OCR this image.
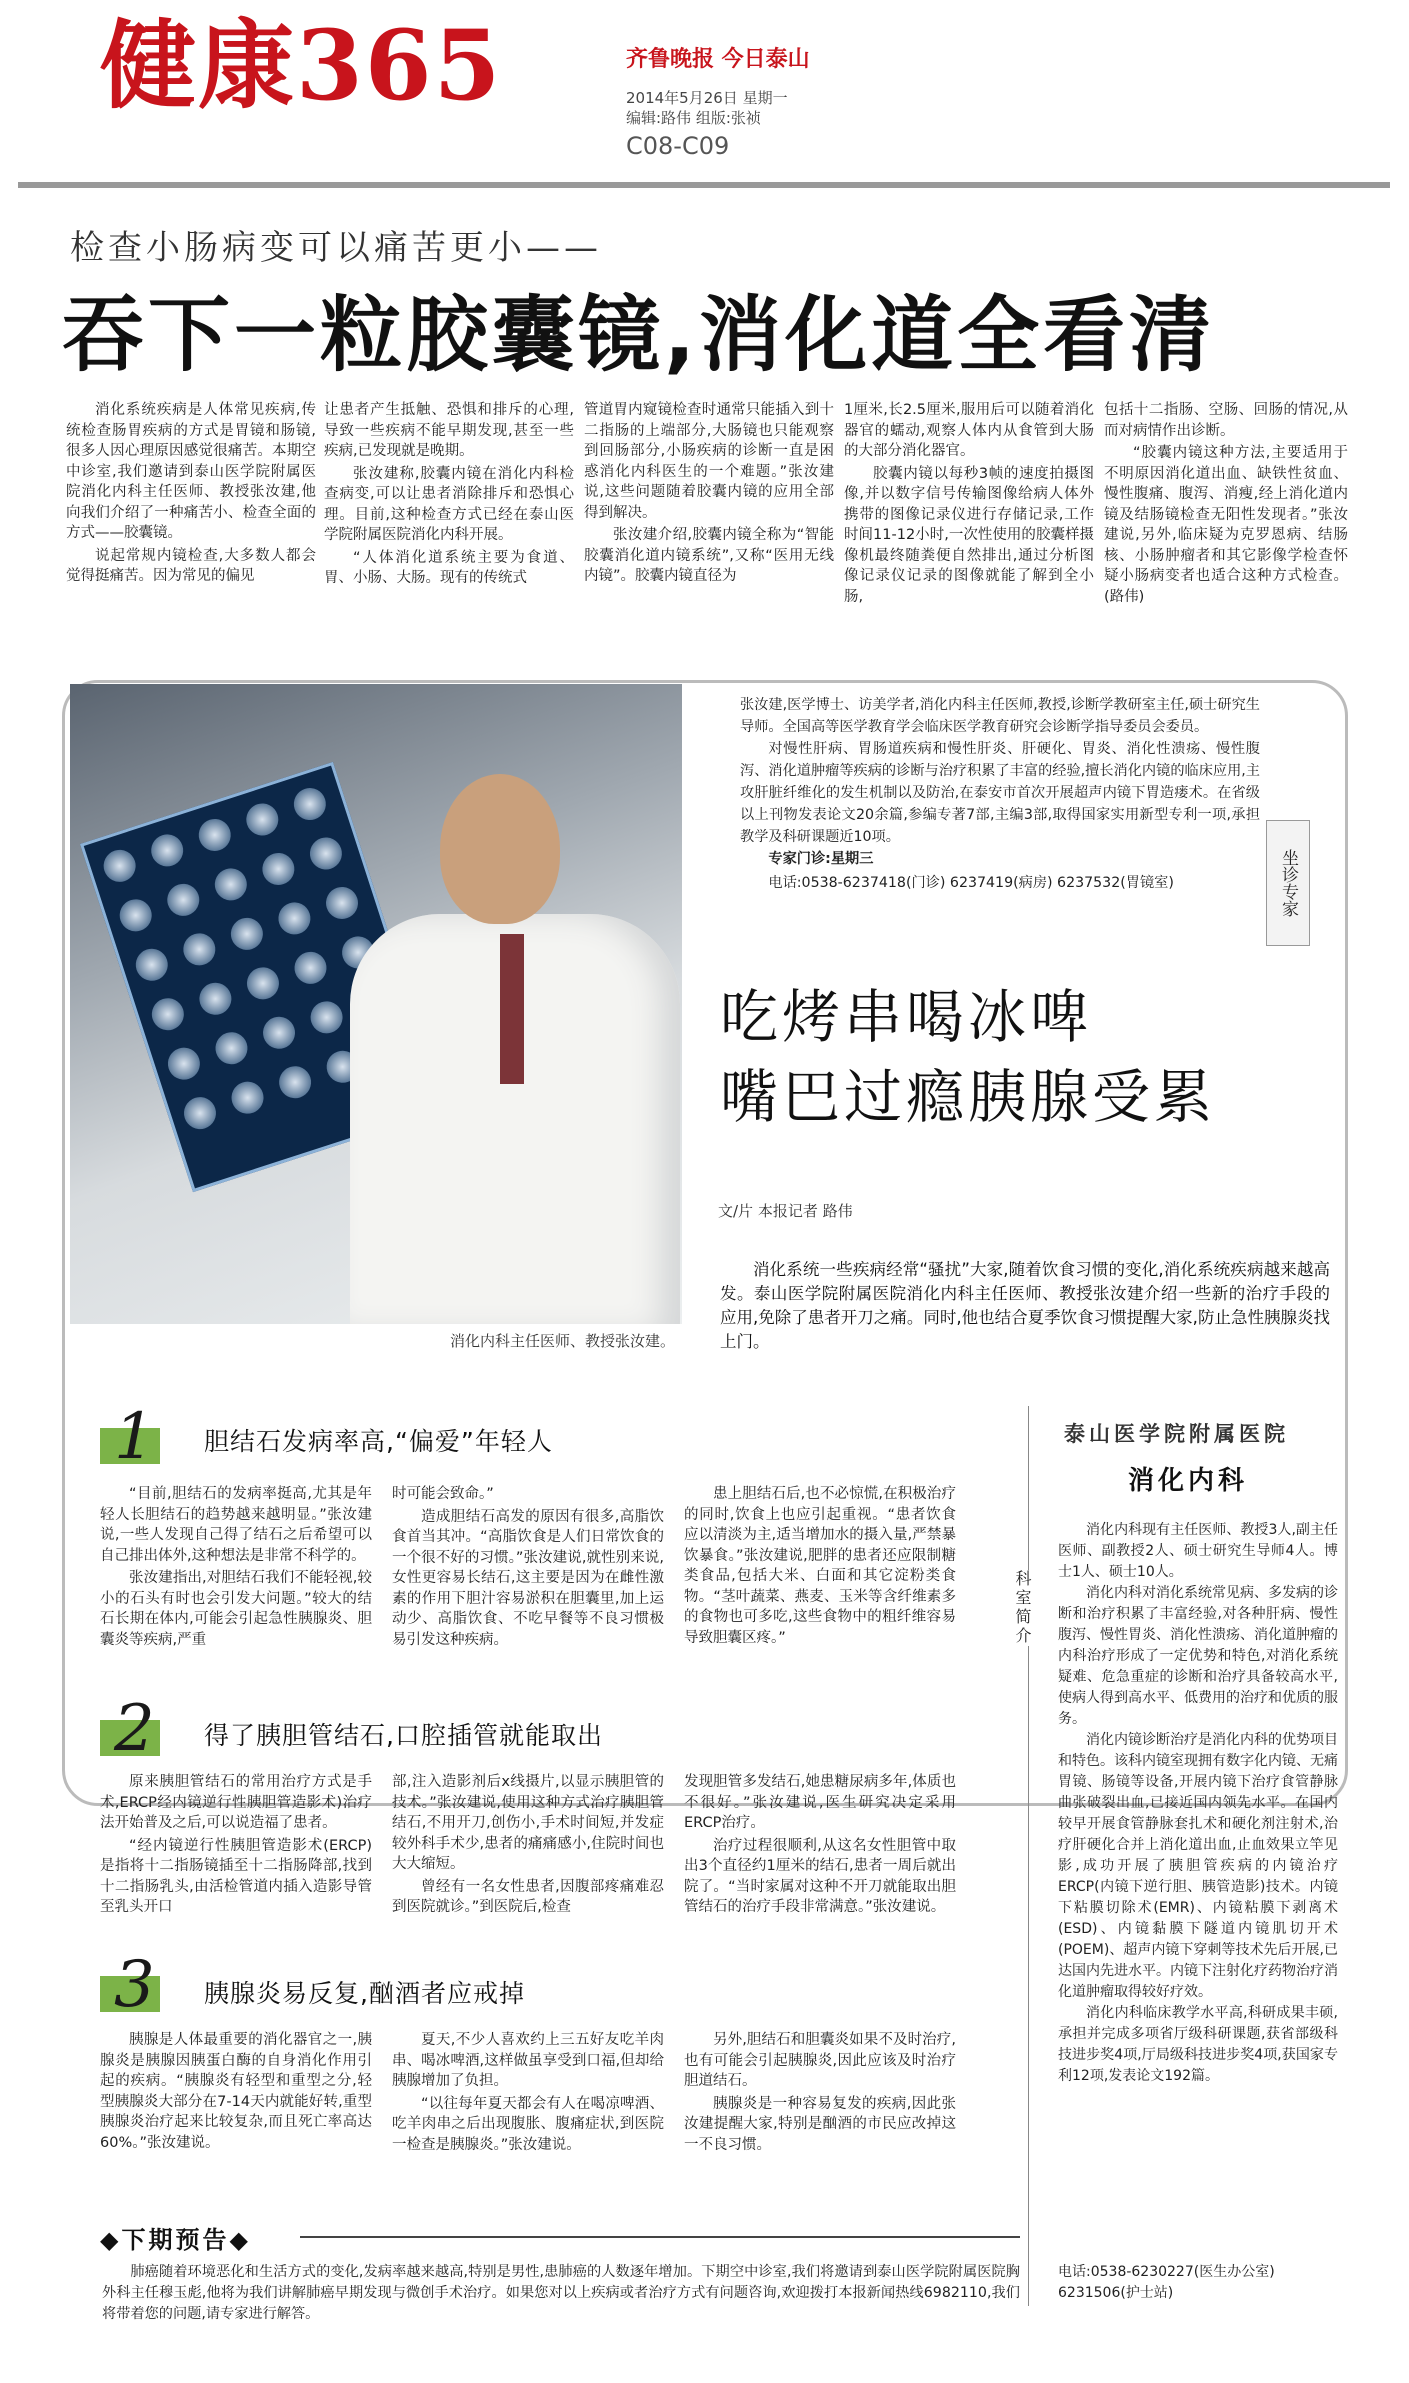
健康365	齐鲁晚报 今日泰山
2014年5月26日 星期一
编辑:路伟 组版:张祯
C08-C09
检查小肠病变可以痛苦更小——
吞下一粒胶囊镜,消化道全看清

消化系统疾病是人体常见疾病,传统检查肠胃疾病的方式是胃镜和肠镜,很多人因心理原因感觉很痛苦。本期空中诊室,我们邀请到泰山医学院附属医院消化内科主任医师、教授张汝建,他向我们介绍了一种痛苦小、检查全面的方式——胶囊镜。

说起常规内镜检查,大多数人都会觉得挺痛苦。因为常见的偏见

让患者产生抵触、恐惧和排斥的心理,导致一些疾病不能早期发现,甚至一些疾病,已发现就是晚期。

张汝建称,胶囊内镜在消化内科检查病变,可以让患者消除排斥和恐惧心理。目前,这种检查方式已经在泰山医学院附属医院消化内科开展。

“人体消化道系统主要为食道、胃、小肠、大肠。现有的传统式

管道胃内窥镜检查时通常只能插入到十二指肠的上端部分,大肠镜也只能观察到回肠部分,小肠疾病的诊断一直是困惑消化内科医生的一个难题。”张汝建说,这些问题随着胶囊内镜的应用全部得到解决。

张汝建介绍,胶囊内镜全称为“智能胶囊消化道内镜系统”,又称“医用无线内镜”。胶囊内镜直径为

1厘米,长2.5厘米,服用后可以随着消化器官的蠕动,观察人体内从食管到大肠的大部分消化器官。

胶囊内镜以每秒3帧的速度拍摄图像,并以数字信号传输图像给病人体外携带的图像记录仪进行存储记录,工作时间11-12小时,一次性使用的胶囊样摄像机最终随粪便自然排出,通过分析图像记录仪记录的图像就能了解到全小肠,

包括十二指肠、空肠、回肠的情况,从而对病情作出诊断。

“胶囊内镜这种方法,主要适用于不明原因消化道出血、缺铁性贫血、慢性腹痛、腹泻、消瘦,经上消化道内镜及结肠镜检查无阳性发现者。”张汝建说,另外,临床疑为克罗恩病、结肠核、小肠肿瘤者和其它影像学检查怀疑小肠病变者也适合这种方式检查。(路伟)

消化内科主任医师、教授张汝建。

张汝建,医学博士、访美学者,消化内科主任医师,教授,诊断学教研室主任,硕士研究生导师。全国高等医学教育学会临床医学教育研究会诊断学指导委员会委员。

对慢性肝病、胃肠道疾病和慢性肝炎、肝硬化、胃炎、消化性溃疡、慢性腹泻、消化道肿瘤等疾病的诊断与治疗积累了丰富的经验,擅长消化内镜的临床应用,主攻肝脏纤维化的发生机制以及防治,在泰安市首次开展超声内镜下胃造瘘术。在省级以上刊物发表论文20余篇,参编专著7部,主编3部,取得国家实用新型专利一项,承担教学及科研课题近10项。

专家门诊:星期三

电话:0538-6237418(门诊) 6237419(病房) 6237532(胃镜室)	坐诊专家
吃烤串喝冰啤
嘴巴过瘾胰腺受累
文/片 本报记者 路伟
消化系统一些疾病经常“骚扰”大家,随着饮食习惯的变化,消化系统疾病越来越高发。泰山医学院附属医院消化内科主任医师、教授张汝建介绍一些新的治疗手段的应用,免除了患者开刀之痛。同时,他也结合夏季饮食习惯提醒大家,防止急性胰腺炎找上门。
1 胆结石发病率高,“偏爱”年轻人

“目前,胆结石的发病率挺高,尤其是年轻人长胆结石的趋势越来越明显。”张汝建说,一些人发现自己得了结石之后希望可以自己排出体外,这种想法是非常不科学的。

张汝建指出,对胆结石我们不能轻视,较小的石头有时也会引发大问题。”较大的结石长期在体内,可能会引起急性胰腺炎、胆囊炎等疾病,严重

时可能会致命。”

造成胆结石高发的原因有很多,高脂饮食首当其冲。“高脂饮食是人们日常饮食的一个很不好的习惯。”张汝建说,就性别来说,女性更容易长结石,这主要是因为在雌性激素的作用下胆汁容易淤积在胆囊里,加上运动少、高脂饮食、不吃早餐等不良习惯极易引发这种疾病。

患上胆结石后,也不必惊慌,在积极治疗的同时,饮食上也应引起重视。“患者饮食应以清淡为主,适当增加水的摄入量,严禁暴饮暴食。”张汝建说,肥胖的患者还应限制糖类食品,包括大米、白面和其它淀粉类食物。“茎叶蔬菜、燕麦、玉米等含纤维素多的食物也可多吃,这些食物中的粗纤维容易导致胆囊区疼。”

2 得了胰胆管结石,口腔插管就能取出

原来胰胆管结石的常用治疗方式是手术,ERCP经内镜逆行性胰胆管造影术)治疗法开始普及之后,可以说造福了患者。

“经内镜逆行性胰胆管造影术(ERCP)是指将十二指肠镜插至十二指肠降部,找到十二指肠乳头,由活检管道内插入造影导管至乳头开口

部,注入造影剂后x线摄片,以显示胰胆管的技术。”张汝建说,使用这种方式治疗胰胆管结石,不用开刀,创伤小,手术时间短,并发症较外科手术少,患者的痛痛感小,住院时间也大大缩短。

曾经有一名女性患者,因腹部疼痛难忍到医院就诊。”到医院后,检查

发现胆管多发结石,她患糖尿病多年,体质也不很好。”张汝建说,医生研究决定采用ERCP治疗。

治疗过程很顺利,从这名女性胆管中取出3个直径约1厘米的结石,患者一周后就出院了。“当时家属对这种不开刀就能取出胆管结石的治疗手段非常满意。”张汝建说。

3 胰腺炎易反复,酗酒者应戒掉

胰腺是人体最重要的消化器官之一,胰腺炎是胰腺因胰蛋白酶的自身消化作用引起的疾病。“胰腺炎有轻型和重型之分,轻型胰腺炎大部分在7-14天内就能好转,重型胰腺炎治疗起来比较复杂,而且死亡率高达60%。”张汝建说。

夏天,不少人喜欢约上三五好友吃羊肉串、喝冰啤酒,这样做虽享受到口福,但却给胰腺增加了负担。

“以往每年夏天都会有人在喝凉啤酒、吃羊肉串之后出现腹胀、腹痛症状,到医院一检查是胰腺炎。”张汝建说。

另外,胆结石和胆囊炎如果不及时治疗,也有可能会引起胰腺炎,因此应该及时治疗胆道结石。

胰腺炎是一种容易复发的疾病,因此张汝建提醒大家,特别是酗酒的市民应改掉这一不良习惯。

科室简介
泰山医学院附属医院
消化内科

消化内科现有主任医师、教授3人,副主任医师、副教授2人、硕士研究生导师4人。博士1人、硕士10人。

消化内科对消化系统常见病、多发病的诊断和治疗积累了丰富经验,对各种肝病、慢性腹泻、慢性胃炎、消化性溃疡、消化道肿瘤的内科治疗形成了一定优势和特色,对消化系统疑难、危急重症的诊断和治疗具备较高水平,使病人得到高水平、低费用的治疗和优质的服务。

消化内镜诊断治疗是消化内科的优势项目和特色。该科内镜室现拥有数字化内镜、无痛胃镜、肠镜等设备,开展内镜下治疗食管静脉曲张破裂出血,已接近国内领先水平。在国内较早开展食管静脉套扎术和硬化剂注射术,治疗肝硬化合并上消化道出血,止血效果立竿见影,成功开展了胰胆管疾病的内镜治疗ERCP(内镜下逆行胆、胰管造影)技术。内镜下粘膜切除术(EMR)、内镜粘膜下剥离术(ESD)、内镜黏膜下隧道内镜肌切开术(POEM)、超声内镜下穿刺等技术先后开展,已达国内先进水平。内镜下注射化疗药物治疗消化道肿瘤取得较好疗效。

消化内科临床教学水平高,科研成果丰硕,承担并完成多项省厅级科研课题,获省部级科技进步奖4项,厅局级科技进步奖4项,获国家专利12项,发表论文192篇。

电话:0538-6230227(医生办公室) 6231506(护士站)
◆下期预告◆
肺癌随着环境恶化和生活方式的变化,发病率越来越高,特别是男性,患肺癌的人数逐年增加。下期空中诊室,我们将邀请到泰山医学院附属医院胸外科主任穆玉彪,他将为我们讲解肺癌早期发现与微创手术治疗。如果您对以上疾病或者治疗方式有问题咨询,欢迎拨打本报新闻热线6982110,我们将带着您的问题,请专家进行解答。
